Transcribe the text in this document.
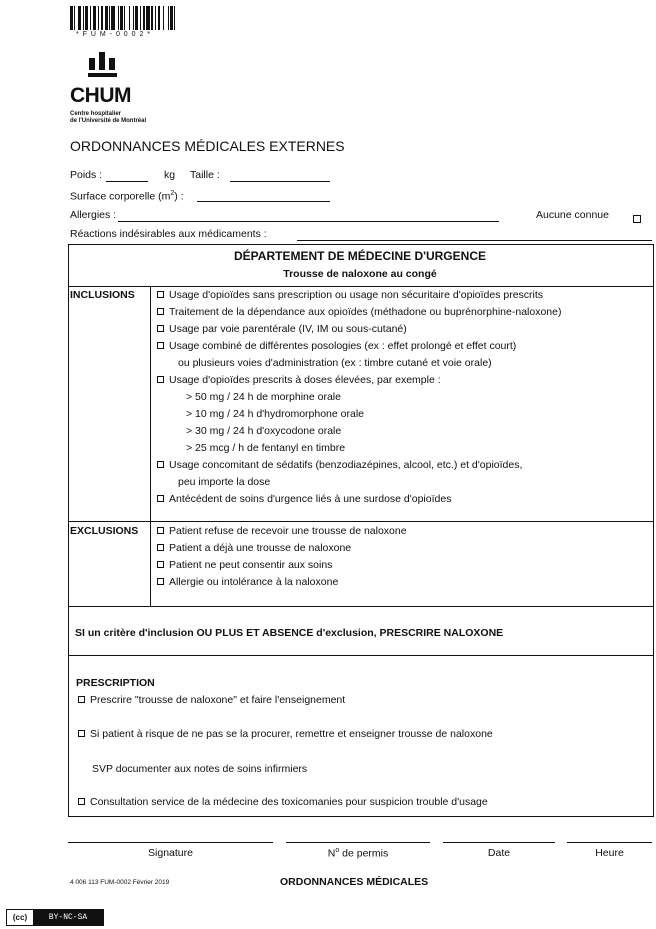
* F U M - 0 0 0 2 *
CHUM
Centre hospitalier
de l'Université de Montréal
ORDONNANCES MÉDICALES EXTERNES
Poids :	kg Taille :
Surface corporelle $(m^2)$ :
Allergies :	Aucune connue
Réactions indésirables aux médicaments :
DÉPARTEMENT DE MÉDECINE D'URGENCE
Trousse de naloxone au congé
INCLUSIONS	Usage d'opioïdes sans prescription ou usage non sécuritaire d'opioïdes prescrits
Traitement de la dépendance aux opioïdes (méthadone ou buprénorphine-naloxone)
Usage par voie parentérale (IV, IM ou sous-cutané)
Usage combiné de différentes posologies (ex : effet prolongé et effet court)
ou plusieurs voies d'administration (ex : timbre cutané et voie orale)
Usage d'opioïdes prescrits à doses élevées, par exemple :
> 50 mg / 24 h de morphine orale
> 10 mg / 24 h d'hydromorphone orale
> 30 mg / 24 h d'oxycodone orale
> 25 mcg / h de fentanyl en timbre
Usage concomitant de sédatifs (benzodiazépines, alcool, etc.) et d'opioïdes,
peu importe la dose
Antécédent de soins d'urgence liés à une surdose d'opioïdes
EXCLUSIONS	Patient refuse de recevoir une trousse de naloxone
Patient a déjà une trousse de naloxone
Patient ne peut consentir aux soins
Allergie ou intolérance à la naloxone
SI un critère d'inclusion OU PLUS ET ABSENCE d'exclusion, PRESCRIRE NALOXONE
PRESCRIPTION
Prescrire "trousse de naloxone" et faire l'enseignement
Si patient à risque de ne pas se la procurer, remettre et enseigner trousse de naloxone
SVP documenter aux notes de soins infirmiers
Consultation service de la médecine des toxicomanies pour suspicion trouble d'usage
Signature	$N^o$ de permis	Date	Heure
4 006 113 FUM-0002 Février 2019	ORDONNANCES MÉDICALES
(cc)	BY-NC-SA
